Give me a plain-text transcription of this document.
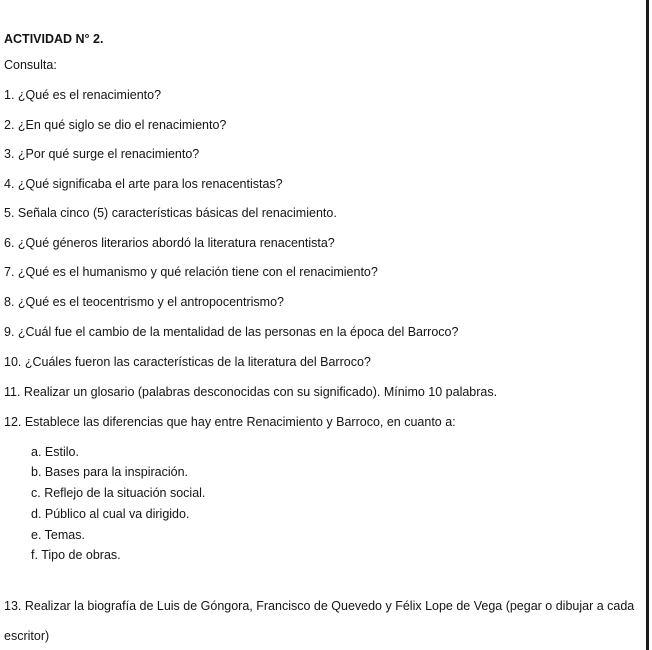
ACTIVIDAD N° 2.
Consulta:
1. ¿Qué es el renacimiento?
2. ¿En qué siglo se dio el renacimiento?
3. ¿Por qué surge el renacimiento?
4. ¿Qué significaba el arte para los renacentistas?
5. Señala cinco (5) características básicas del renacimiento.
6. ¿Qué géneros literarios abordó la literatura renacentista?
7. ¿Qué es el humanismo y qué relación tiene con el renacimiento?
8. ¿Qué es el teocentrismo y el antropocentrismo?
9. ¿Cuál fue el cambio de la mentalidad de las personas en la época del Barroco?
10. ¿Cuáles fueron las características de la literatura del Barroco?
11. Realizar un glosario (palabras desconocidas con su significado). Mínimo 10 palabras.
12. Establece las diferencias que hay entre Renacimiento y Barroco, en cuanto a:
a. Estilo.
b. Bases para la inspiración.
c. Reflejo de la situación social.
d. Público al cual va dirigido.
e. Temas.
f. Tipo de obras.
13. Realizar la biografía de Luis de Góngora, Francisco de Quevedo y Félix Lope de Vega (pegar o dibujar a cada
escritor)
